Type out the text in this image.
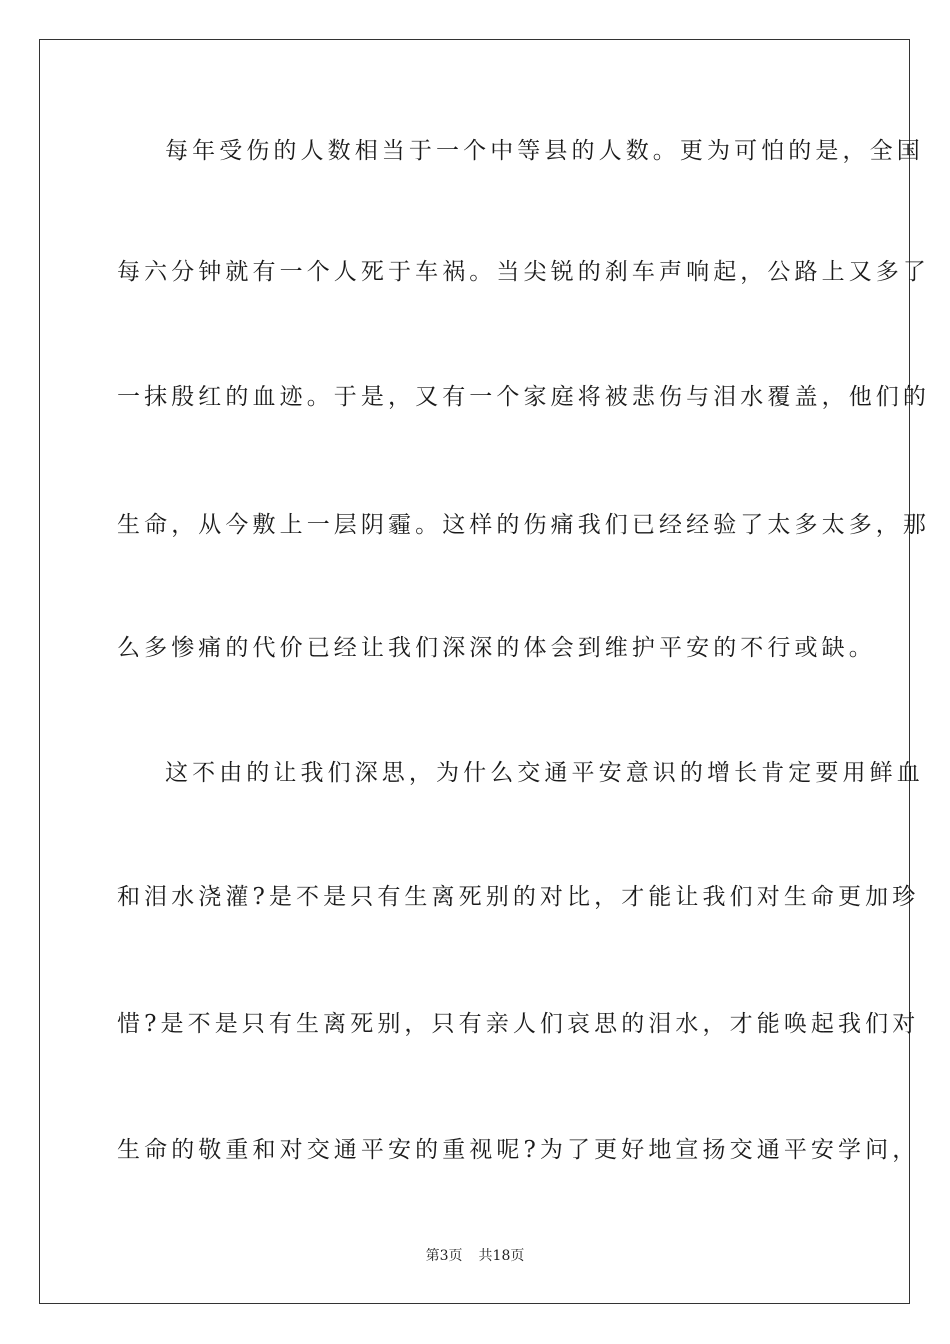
每年受伤的人数相当于一个中等县的人数。更为可怕的是，全国
每六分钟就有一个人死于车祸。当尖锐的刹车声响起，公路上又多了
一抹殷红的血迹。于是，又有一个家庭将被悲伤与泪水覆盖，他们的
生命，从今敷上一层阴霾。这样的伤痛我们已经经验了太多太多，那
么多惨痛的代价已经让我们深深的体会到维护平安的不行或缺。
这不由的让我们深思，为什么交通平安意识的增长肯定要用鲜血
和泪水浇灌?是不是只有生离死别的对比，才能让我们对生命更加珍
惜?是不是只有生离死别，只有亲人们哀思的泪水，才能唤起我们对
生命的敬重和对交通平安的重视呢?为了更好地宣扬交通平安学问，
第3页 共18页
